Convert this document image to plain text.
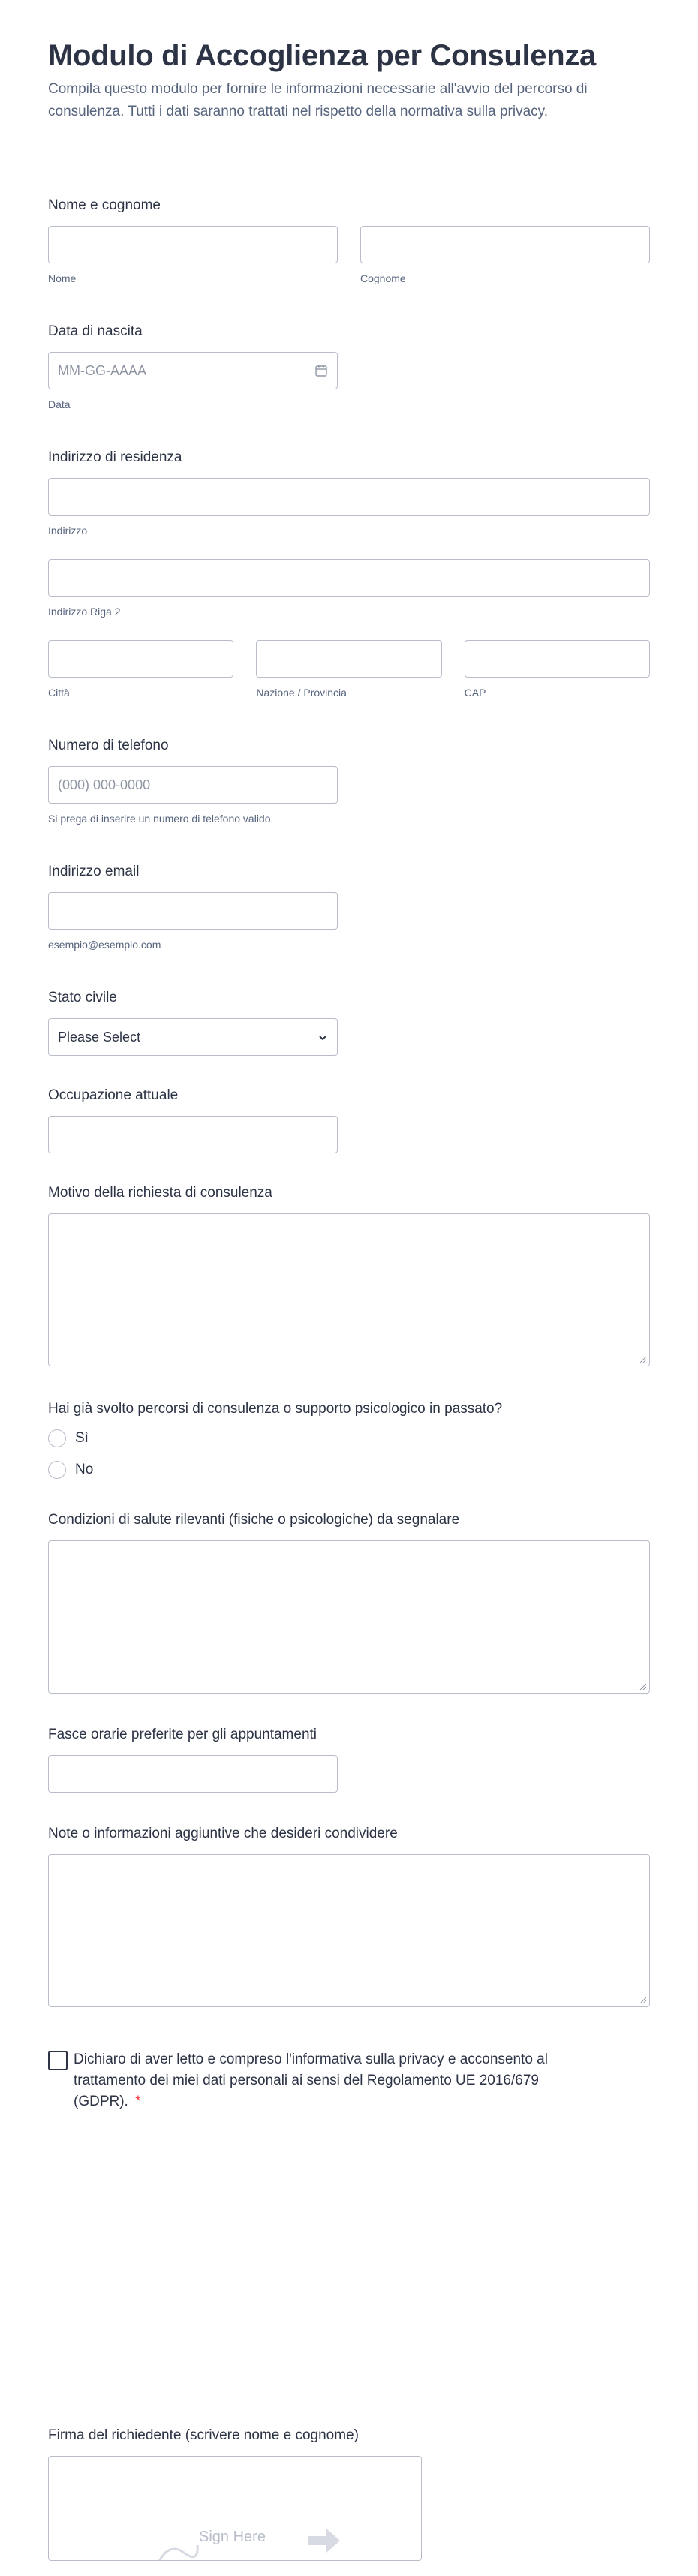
Modulo di Accoglienza per Consulenza

Compila questo modulo per fornire le informazioni necessarie all'avvio del percorso di consulenza. Tutti i dati saranno trattati nel rispetto della normativa sulla privacy.

Nome e cognome
Nome	Cognome
Data di nascita
MM-GG-AAAA
Data
Indirizzo di residenza
Indirizzo
Indirizzo Riga 2
Città	Nazione / Provincia	CAP
Numero di telefono
(000) 000-0000
Si prega di inserire un numero di telefono valido.
Indirizzo email
esempio@esempio.com
Stato civile
Please Select
Occupazione attuale
Motivo della richiesta di consulenza
Hai già svolto percorsi di consulenza o supporto psicologico in passato?
Sì
No
Condizioni di salute rilevanti (fisiche o psicologiche) da segnalare
Fasce orarie preferite per gli appuntamenti
Note o informazioni aggiuntive che desideri condividere
Dichiaro di aver letto e compreso l'informativa sulla privacy e acconsento al trattamento dei miei dati personali ai sensi del Regolamento UE 2016/679 (GDPR). *
Firma del richiedente (scrivere nome e cognome)
Sign Here
